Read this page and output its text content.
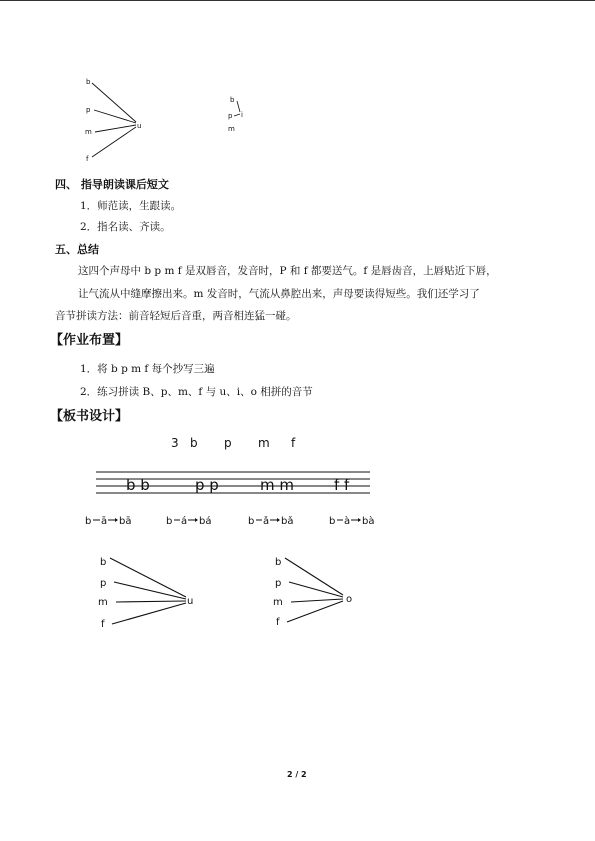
b
p
m
f
u
b
p
m
i
四、 指导朗读课后短文
1．师范读，生跟读。
2．指名读、齐读。
五、总结
这四个声母中 b p m f 是双唇音，发音时，P 和 f 都要送气。f 是唇齿音，上唇贴近下唇，
让气流从中缝摩擦出来。m 发音时，气流从鼻腔出来，声母要读得短些。我们还学习了
音节拼读方法：前音轻短后音重，两音相连猛一碰。
【作业布置】
1．将 b p m f 每个抄写三遍
2．练习拼读 B、p、m、f 与 u、i、o 相拼的音节
【板书设计】
3 b p m f
b b	p p	m m	f f
b ā bā	b á bá	b ǎ bǎ	b à bà
b
p
m
f
u
b
p
m
f
o
2 / 2
